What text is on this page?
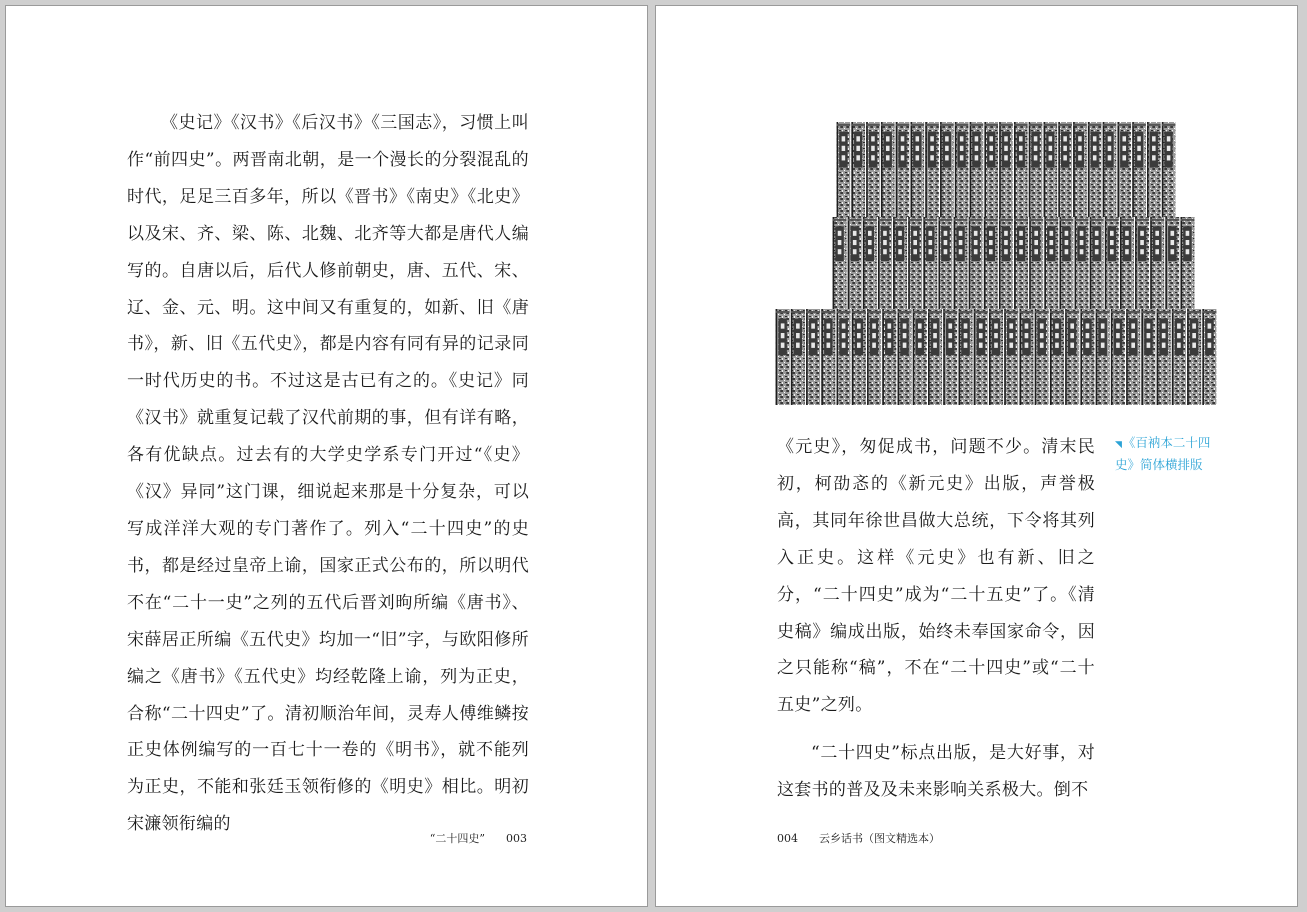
《史记》《汉书》《后汉书》《三国志》，习惯上叫作“前四史”。两晋南北朝，是一个漫长的分裂混乱的时代，足足三百多年，所以《晋书》《南史》《北史》以及宋、齐、梁、陈、北魏、北齐等大都是唐代人编写的。自唐以后，后代人修前朝史，唐、五代、宋、辽、金、元、明。这中间又有重复的，如新、旧《唐书》，新、旧《五代史》，都是内容有同有异的记录同一时代历史的书。不过这是古已有之的。《史记》同《汉书》就重复记载了汉代前期的事，但有详有略，各有优缺点。过去有的大学史学系专门开过“《史》《汉》异同”这门课，细说起来那是十分复杂，可以写成洋洋大观的专门著作了。列入“二十四史”的史书，都是经过皇帝上谕，国家正式公布的，所以明代不在“二十一史”之列的五代后晋刘昫所编《唐书》、宋薛居正所编《五代史》均加一“旧”字，与欧阳修所编之《唐书》《五代史》均经乾隆上谕，列为正史，合称“二十四史”了。清初顺治年间，灵寿人傅维鳞按正史体例编写的一百七十一卷的《明书》，就不能列为正史，不能和张廷玉领衔修的《明史》相比。明初宋濂领衔编的

“二十四史” 003
◥《百衲本二十四史》简体横排版

《元史》，匆促成书，问题不少。清末民初，柯劭忞的《新元史》出版，声誉极高，其同年徐世昌做大总统，下令将其列入正史。这样《元史》也有新、旧之分，“二十四史”成为“二十五史”了。《清史稿》编成出版，始终未奉国家命令，因之只能称“稿”，不在“二十四史”或“二十五史”之列。

“二十四史”标点出版，是大好事，对这套书的普及及未来影响关系极大。倒不

004 云乡话书（图文精选本）
